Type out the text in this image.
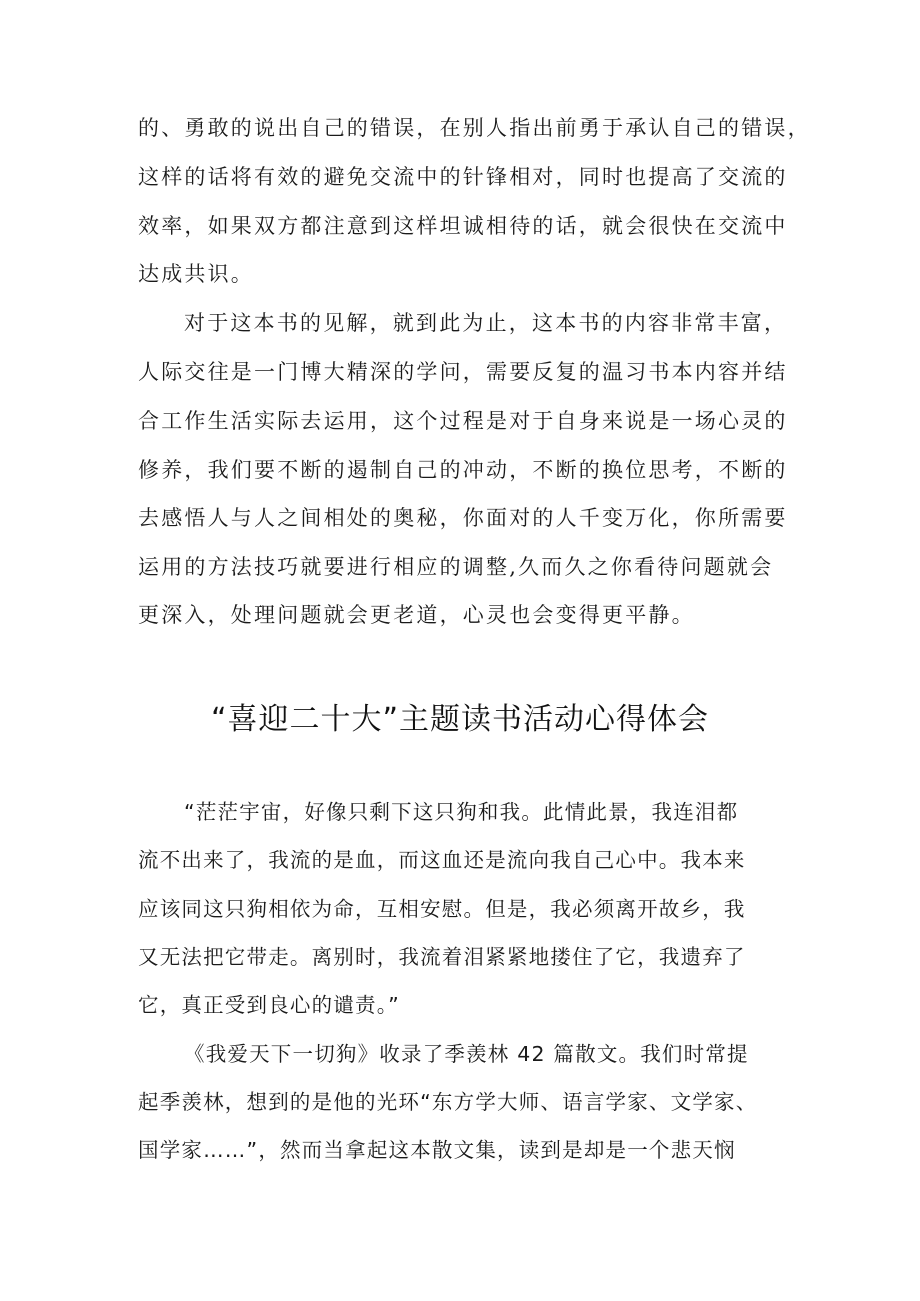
的、勇敢的说出自己的错误，在别人指出前勇于承认自己的错误，
这样的话将有效的避免交流中的针锋相对，同时也提高了交流的
效率，如果双方都注意到这样坦诚相待的话，就会很快在交流中
达成共识。
对于这本书的见解，就到此为止，这本书的内容非常丰富，
人际交往是一门博大精深的学问，需要反复的温习书本内容并结
合工作生活实际去运用，这个过程是对于自身来说是一场心灵的
修养，我们要不断的遏制自己的冲动，不断的换位思考，不断的
去感悟人与人之间相处的奥秘，你面对的人千变万化，你所需要
运用的方法技巧就要进行相应的调整,久而久之你看待问题就会
更深入，处理问题就会更老道，心灵也会变得更平静。
“喜迎二十大”主题读书活动心得体会
“茫茫宇宙，好像只剩下这只狗和我。此情此景，我连泪都
流不出来了，我流的是血，而这血还是流向我自己心中。我本来
应该同这只狗相依为命，互相安慰。但是，我必须离开故乡，我
又无法把它带走。离别时，我流着泪紧紧地搂住了它，我遗弃了
它，真正受到良心的谴责。”
《我爱天下一切狗》收录了季羡林 42 篇散文。我们时常提
起季羡林，想到的是他的光环“东方学大师、语言学家、文学家、
国学家……”，然而当拿起这本散文集，读到是却是一个悲天悯
